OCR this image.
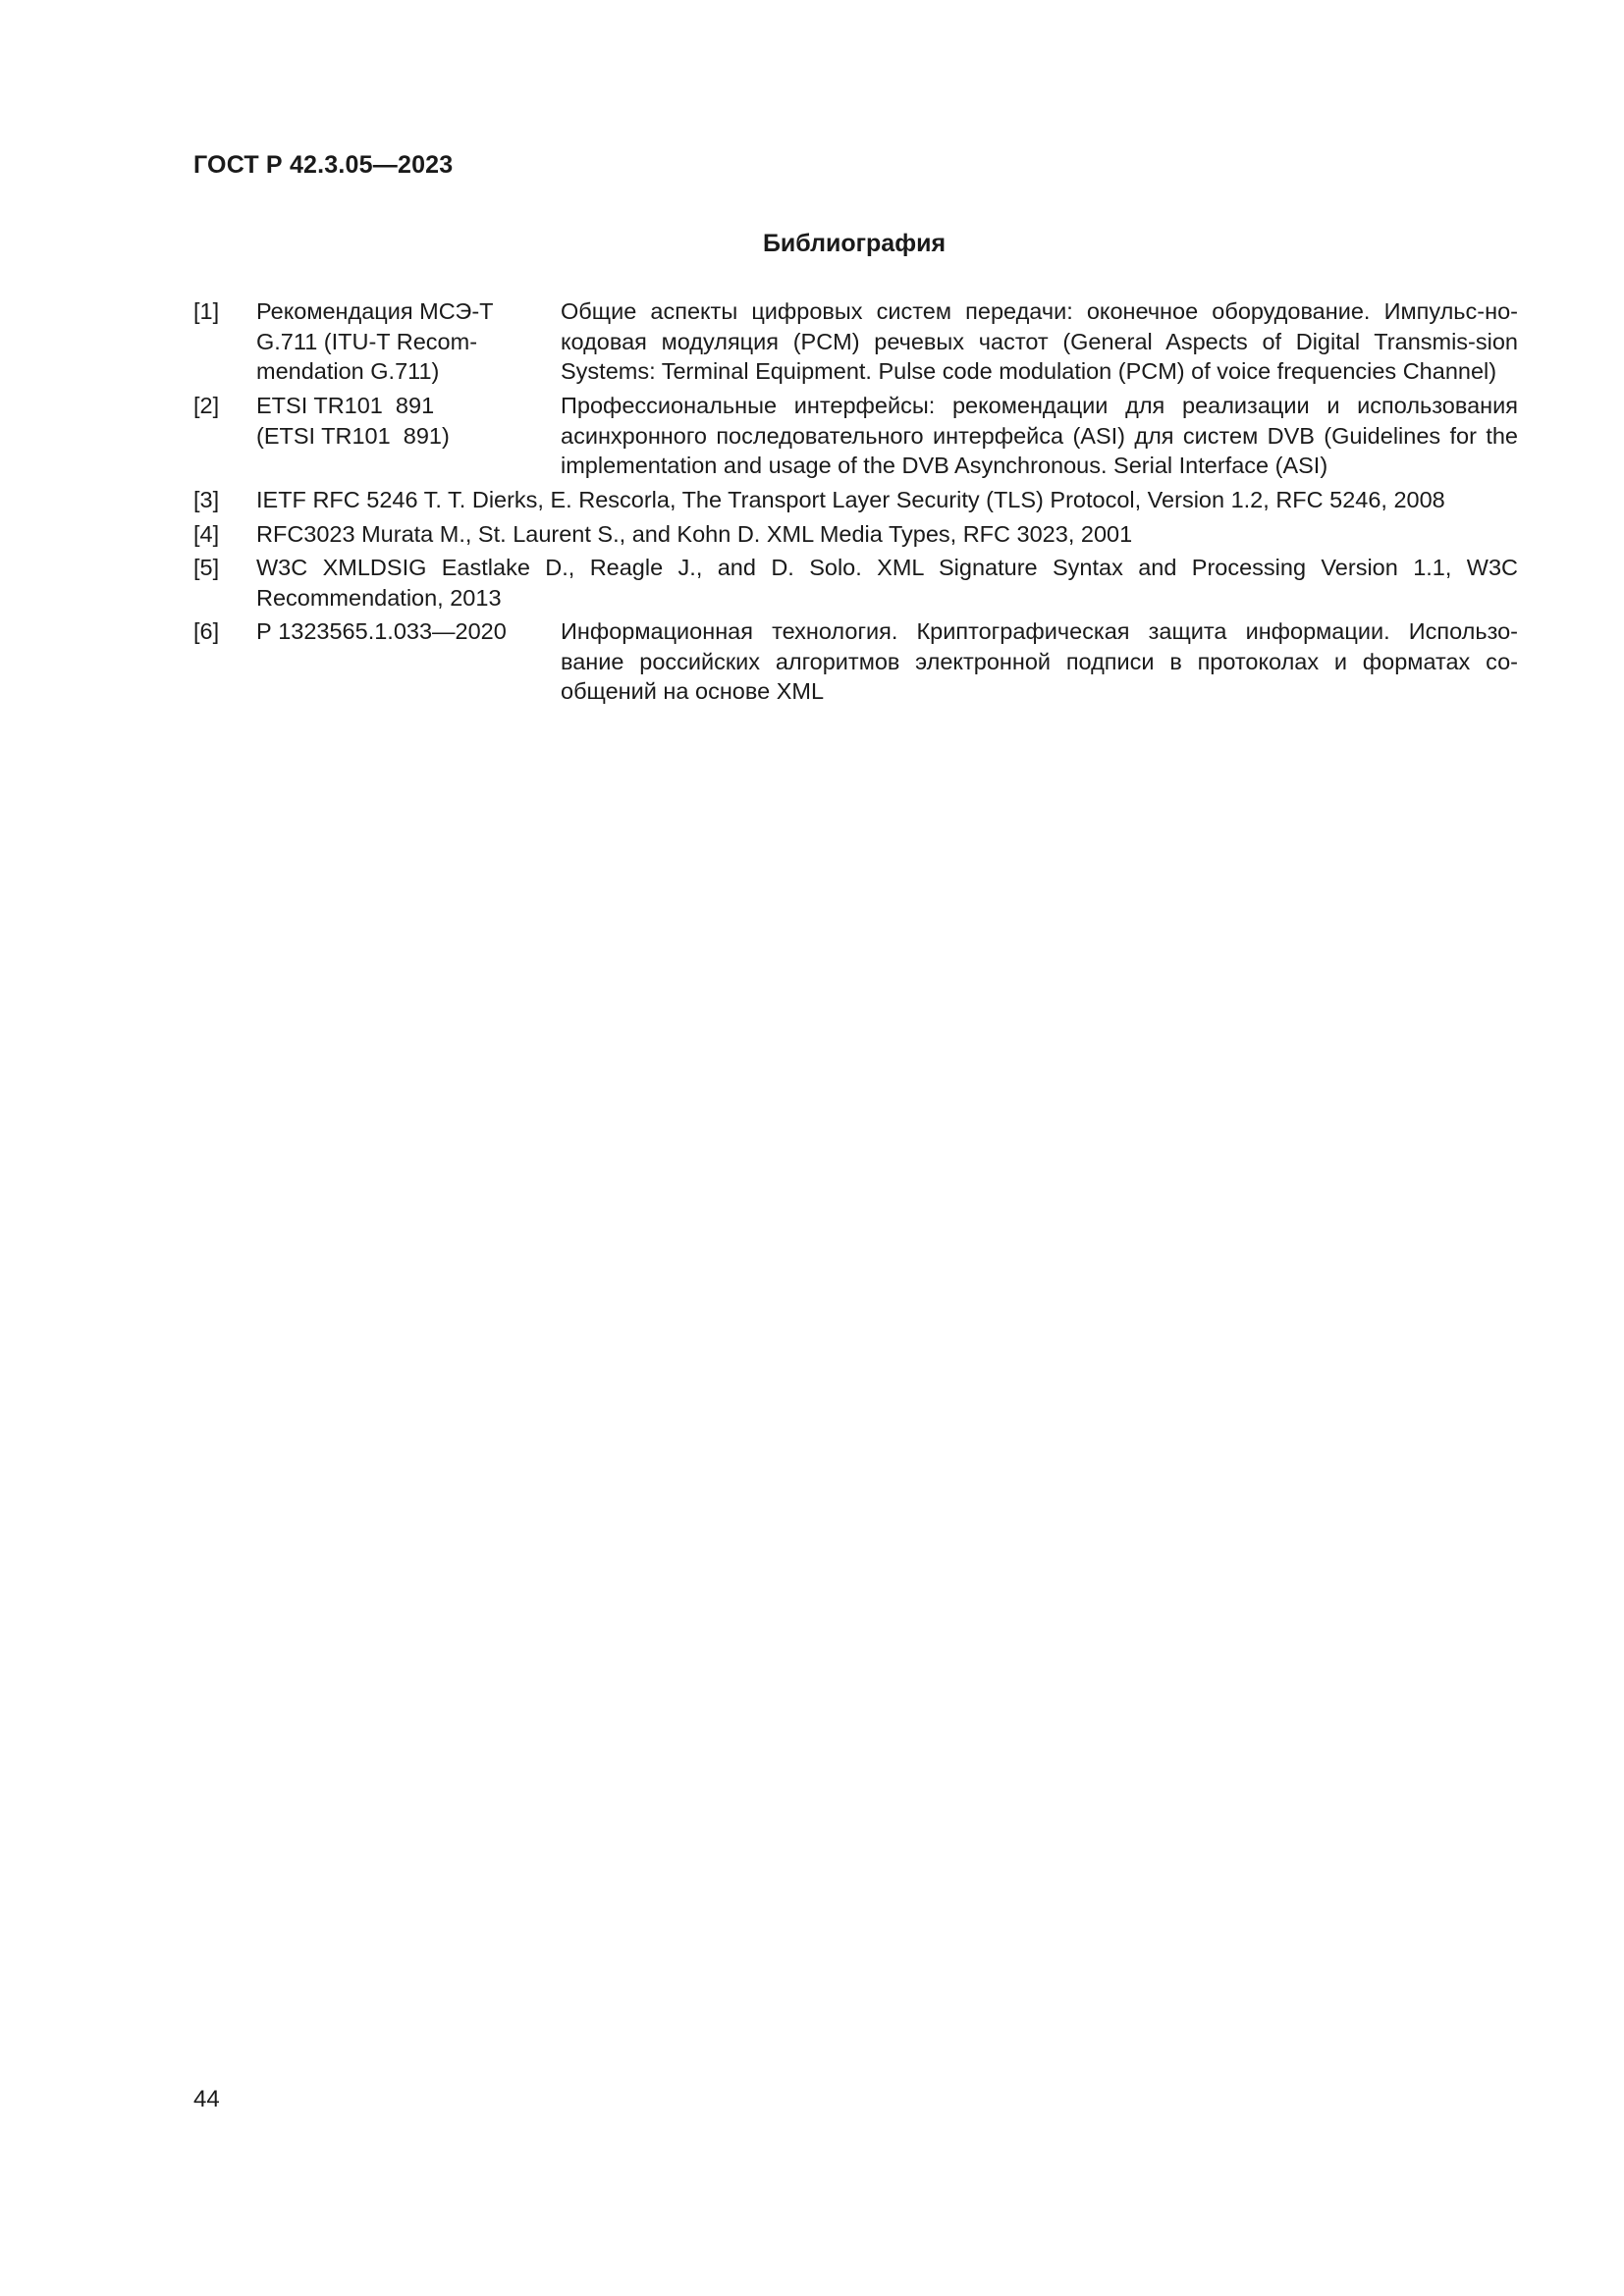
ГОСТ Р 42.3.05—2023
Библиография
[1] Рекомендация МСЭ-Т
G.711 (ITU-T Recom-
mendation G.711)
Общие аспекты цифровых систем передачи: оконечное оборудование. Импульс-но-кодовая модуляция (PCM) речевых частот (General Aspects of Digital Transmis-sion Systems: Terminal Equipment. Pulse code modulation (PCM) of voice frequencies Channel)
[2] ETSI TR101  891
(ETSI TR101  891)
Профессиональные интерфейсы: рекомендации для реализации и использования асинхронного последовательного интерфейса (ASI) для систем DVB (Guidelines for the implementation and usage of the DVB Asynchronous. Serial Interface (ASI)
[3] IETF RFC 5246 T. T. Dierks, E. Rescorla, The Transport Layer Security (TLS) Protocol, Version 1.2, RFC 5246, 2008
[4] RFC3023 Murata M., St. Laurent S., and Kohn D. XML Media Types, RFC 3023, 2001
[5] W3C XMLDSIG Eastlake D., Reagle J., and D. Solo. XML Signature Syntax and Processing Version 1.1, W3C Recommendation, 2013
[6] Р 1323565.1.033—2020	Информационная технология. Криптографическая защита информации. Использо-вание российских алгоритмов электронной подписи в протоколах и форматах со-общений на основе XML
44
